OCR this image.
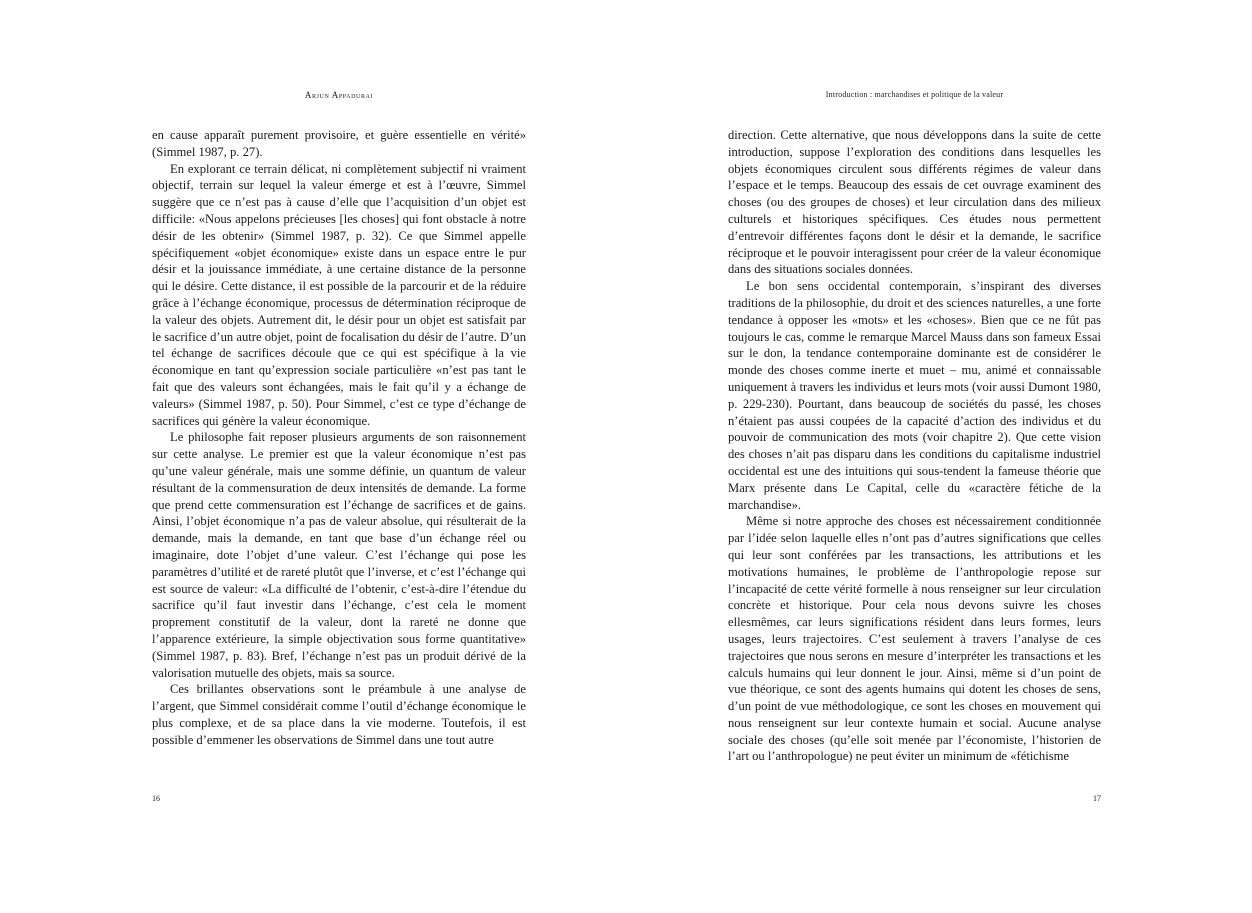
Arjun Appadurai

en cause apparaît purement provisoire, et guère essentielle en vérité» (Simmel 1987, p. 27).

En explorant ce terrain délicat, ni complètement subjectif ni vraiment objectif, terrain sur lequel la valeur émerge et est à l’œuvre, Simmel suggère que ce n’est pas à cause d’elle que l’acquisition d’un objet est difficile: «Nous appelons précieuses [les choses] qui font obstacle à notre désir de les obtenir» (Simmel 1987, p. 32). Ce que Simmel appelle spécifiquement «objet économique» existe dans un espace entre le pur désir et la jouissance immédiate, à une certaine distance de la personne qui le désire. Cette distance, il est possible de la parcourir et de la réduire grâce à l’échange économique, processus de détermination réciproque de la valeur des objets. Autrement dit, le désir pour un objet est satisfait par le sacrifice d’un autre objet, point de focalisation du désir de l’autre. D’un tel échange de sacrifices découle que ce qui est spécifique à la vie économique en tant qu’expression sociale particulière «n’est pas tant le fait que des valeurs sont échangées, mais le fait qu’il y a échange de valeurs» (Simmel 1987, p. 50). Pour Simmel, c’est ce type d’échange de sacrifices qui génère la valeur économique.

Le philosophe fait reposer plusieurs arguments de son raisonnement sur cette analyse. Le premier est que la valeur économique n’est pas qu’une valeur générale, mais une somme définie, un quantum de valeur résultant de la commensuration de deux intensités de demande. La forme que prend cette commensuration est l’échange de sacrifices et de gains. Ainsi, l’objet économique n’a pas de valeur absolue, qui résulterait de la demande, mais la demande, en tant que base d’un échange réel ou imaginaire, dote l’objet d’une valeur. C’est l’échange qui pose les paramètres d’utilité et de rareté plutôt que l’inverse, et c’est l’échange qui est source de valeur: «La difficulté de l’obtenir, c’est-à-dire l’étendue du sacrifice qu’il faut investir dans l’échange, c’est cela le moment proprement constitutif de la valeur, dont la rareté ne donne que l’apparence extérieure, la simple objectivation sous forme quantitative» (Simmel 1987, p. 83). Bref, l’échange n’est pas un produit dérivé de la valorisation mutuelle des objets, mais sa source.

Ces brillantes observations sont le préambule à une analyse de l’argent, que Simmel considérait comme l’outil d’échange économique le plus complexe, et de sa place dans la vie moderne. Toutefois, il est possible d’emmener les observations de Simmel dans une tout autre

16
Introduction : marchandises et politique de la valeur

direction. Cette alternative, que nous développons dans la suite de cette introduction, suppose l’exploration des conditions dans lesquelles les objets économiques circulent sous différents régimes de valeur dans l’espace et le temps. Beaucoup des essais de cet ouvrage examinent des choses (ou des groupes de choses) et leur circulation dans des milieux culturels et historiques spécifiques. Ces études nous permettent d’entrevoir différentes façons dont le désir et la demande, le sacrifice réciproque et le pouvoir interagissent pour créer de la valeur économique dans des situations sociales données.

Le bon sens occidental contemporain, s’inspirant des diverses traditions de la philosophie, du droit et des sciences naturelles, a une forte tendance à opposer les «mots» et les «choses». Bien que ce ne fût pas toujours le cas, comme le remarque Marcel Mauss dans son fameux Essai sur le don, la tendance contemporaine dominante est de considérer le monde des choses comme inerte et muet – mu, animé et connaissable uniquement à travers les individus et leurs mots (voir aussi Dumont 1980, p. 229-230). Pourtant, dans beaucoup de sociétés du passé, les choses n’étaient pas aussi coupées de la capacité d’action des individus et du pouvoir de communication des mots (voir chapitre 2). Que cette vision des choses n’ait pas disparu dans les conditions du capitalisme industriel occidental est une des intuitions qui sous-tendent la fameuse théorie que Marx présente dans Le Capital, celle du «caractère fétiche de la marchandise».

Même si notre approche des choses est nécessairement conditionnée par l’idée selon laquelle elles n’ont pas d’autres significations que celles qui leur sont conférées par les transactions, les attributions et les motivations humaines, le problème de l’anthropologie repose sur l’incapacité de cette vérité formelle à nous renseigner sur leur circulation concrète et historique. Pour cela nous devons suivre les choses ellesmêmes, car leurs significations résident dans leurs formes, leurs usages, leurs trajectoires. C’est seulement à travers l’analyse de ces trajectoires que nous serons en mesure d’interpréter les transactions et les calculs humains qui leur donnent le jour. Ainsi, même si d’un point de vue théorique, ce sont des agents humains qui dotent les choses de sens, d’un point de vue méthodologique, ce sont les choses en mouvement qui nous renseignent sur leur contexte humain et social. Aucune analyse sociale des choses (qu’elle soit menée par l’économiste, l’historien de l’art ou l’anthropologue) ne peut éviter un minimum de «fétichisme

17
